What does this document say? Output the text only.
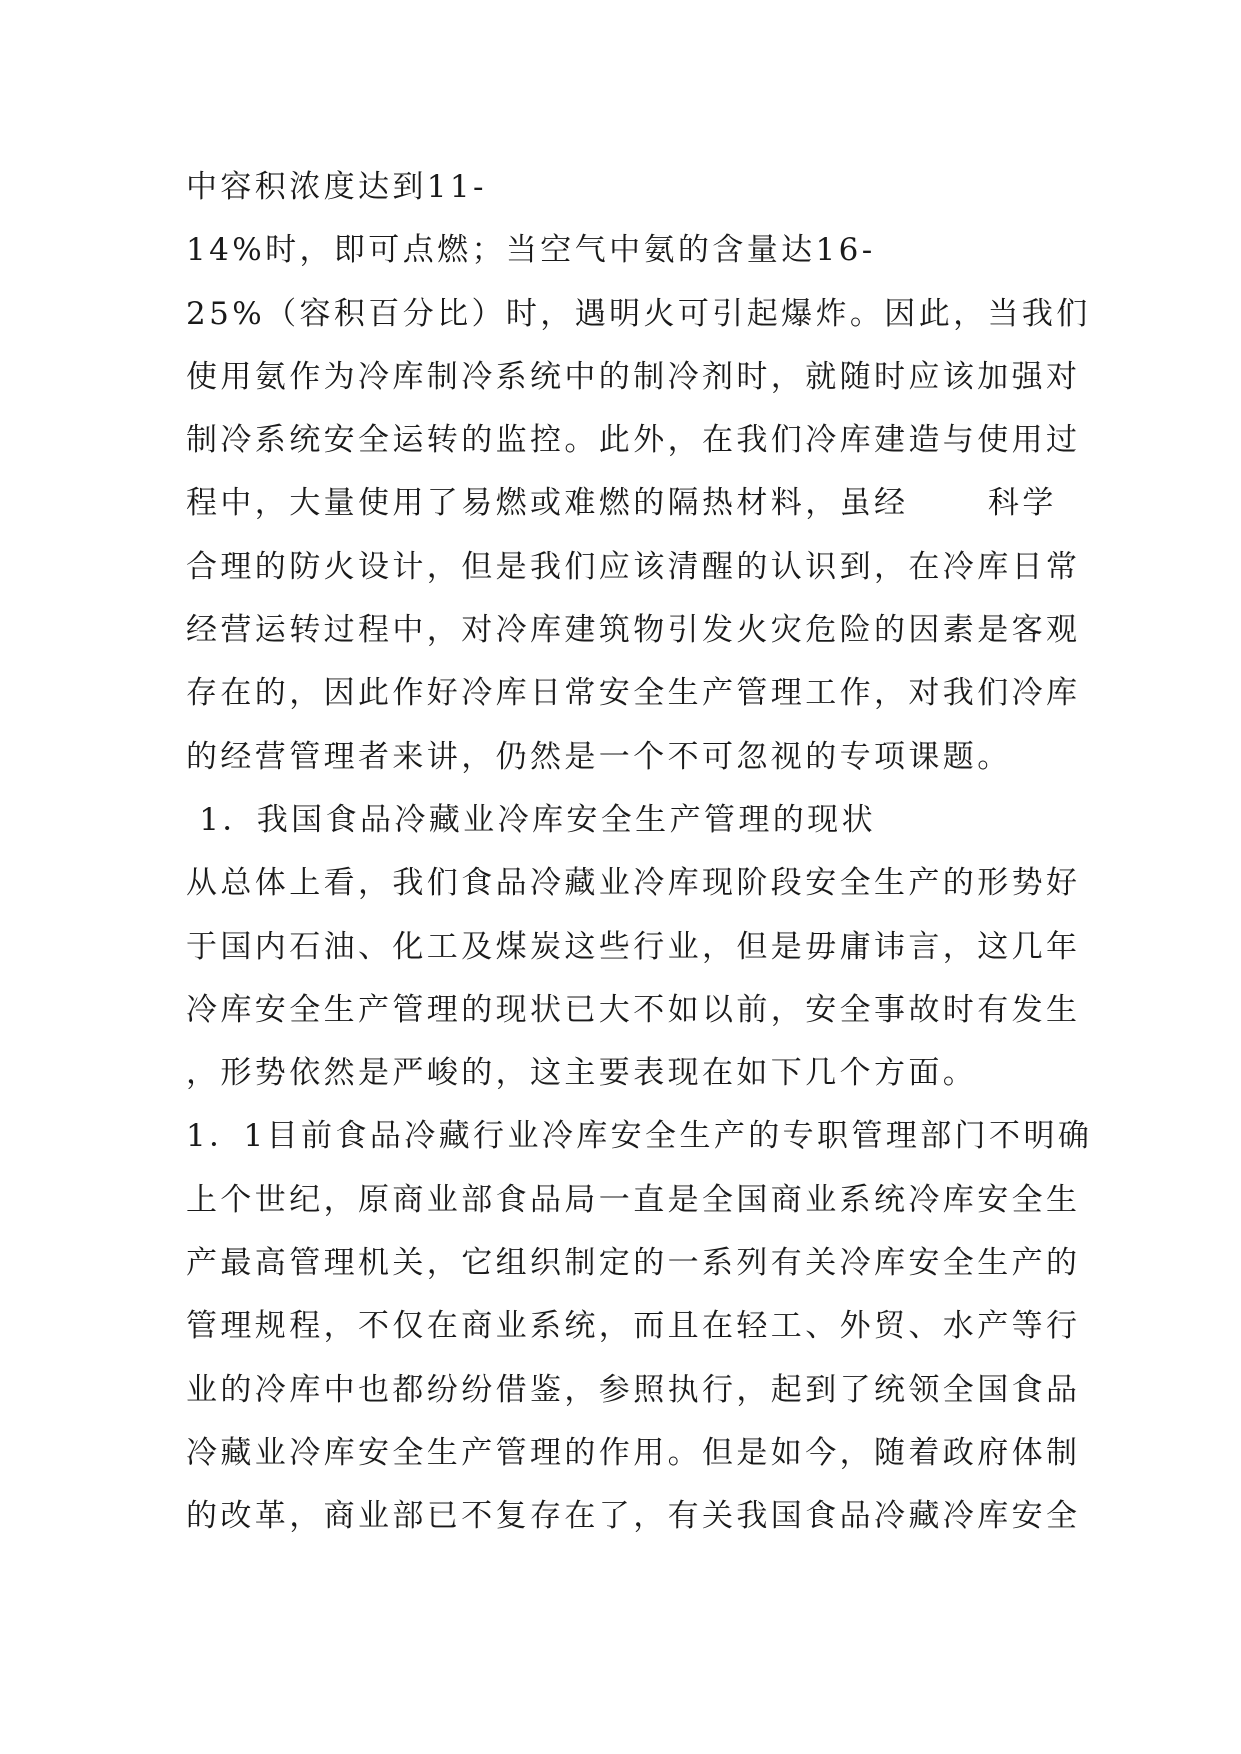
中容积浓度达到11-
14%时，即可点燃；当空气中氨的含量达16-
25%（容积百分比）时，遇明火可引起爆炸。因此，当我们
使用氨作为冷库制冷系统中的制冷剂时，就随时应该加强对
制冷系统安全运转的监控。此外，在我们冷库建造与使用过
程中，大量使用了易燃或难燃的隔热材料，虽经      科学
合理的防火设计，但是我们应该清醒的认识到，在冷库日常
经营运转过程中，对冷库建筑物引发火灾危险的因素是客观
存在的，因此作好冷库日常安全生产管理工作，对我们冷库
的经营管理者来讲，仍然是一个不可忽视的专项课题。
1．我国食品冷藏业冷库安全生产管理的现状
从总体上看，我们食品冷藏业冷库现阶段安全生产的形势好
于国内石油、化工及煤炭这些行业，但是毋庸讳言，这几年
冷库安全生产管理的现状已大不如以前，安全事故时有发生
，形势依然是严峻的，这主要表现在如下几个方面。
1．1目前食品冷藏行业冷库安全生产的专职管理部门不明确
上个世纪，原商业部食品局一直是全国商业系统冷库安全生
产最高管理机关，它组织制定的一系列有关冷库安全生产的
管理规程，不仅在商业系统，而且在轻工、外贸、水产等行
业的冷库中也都纷纷借鉴，参照执行，起到了统领全国食品
冷藏业冷库安全生产管理的作用。但是如今，随着政府体制
的改革，商业部已不复存在了，有关我国食品冷藏冷库安全
